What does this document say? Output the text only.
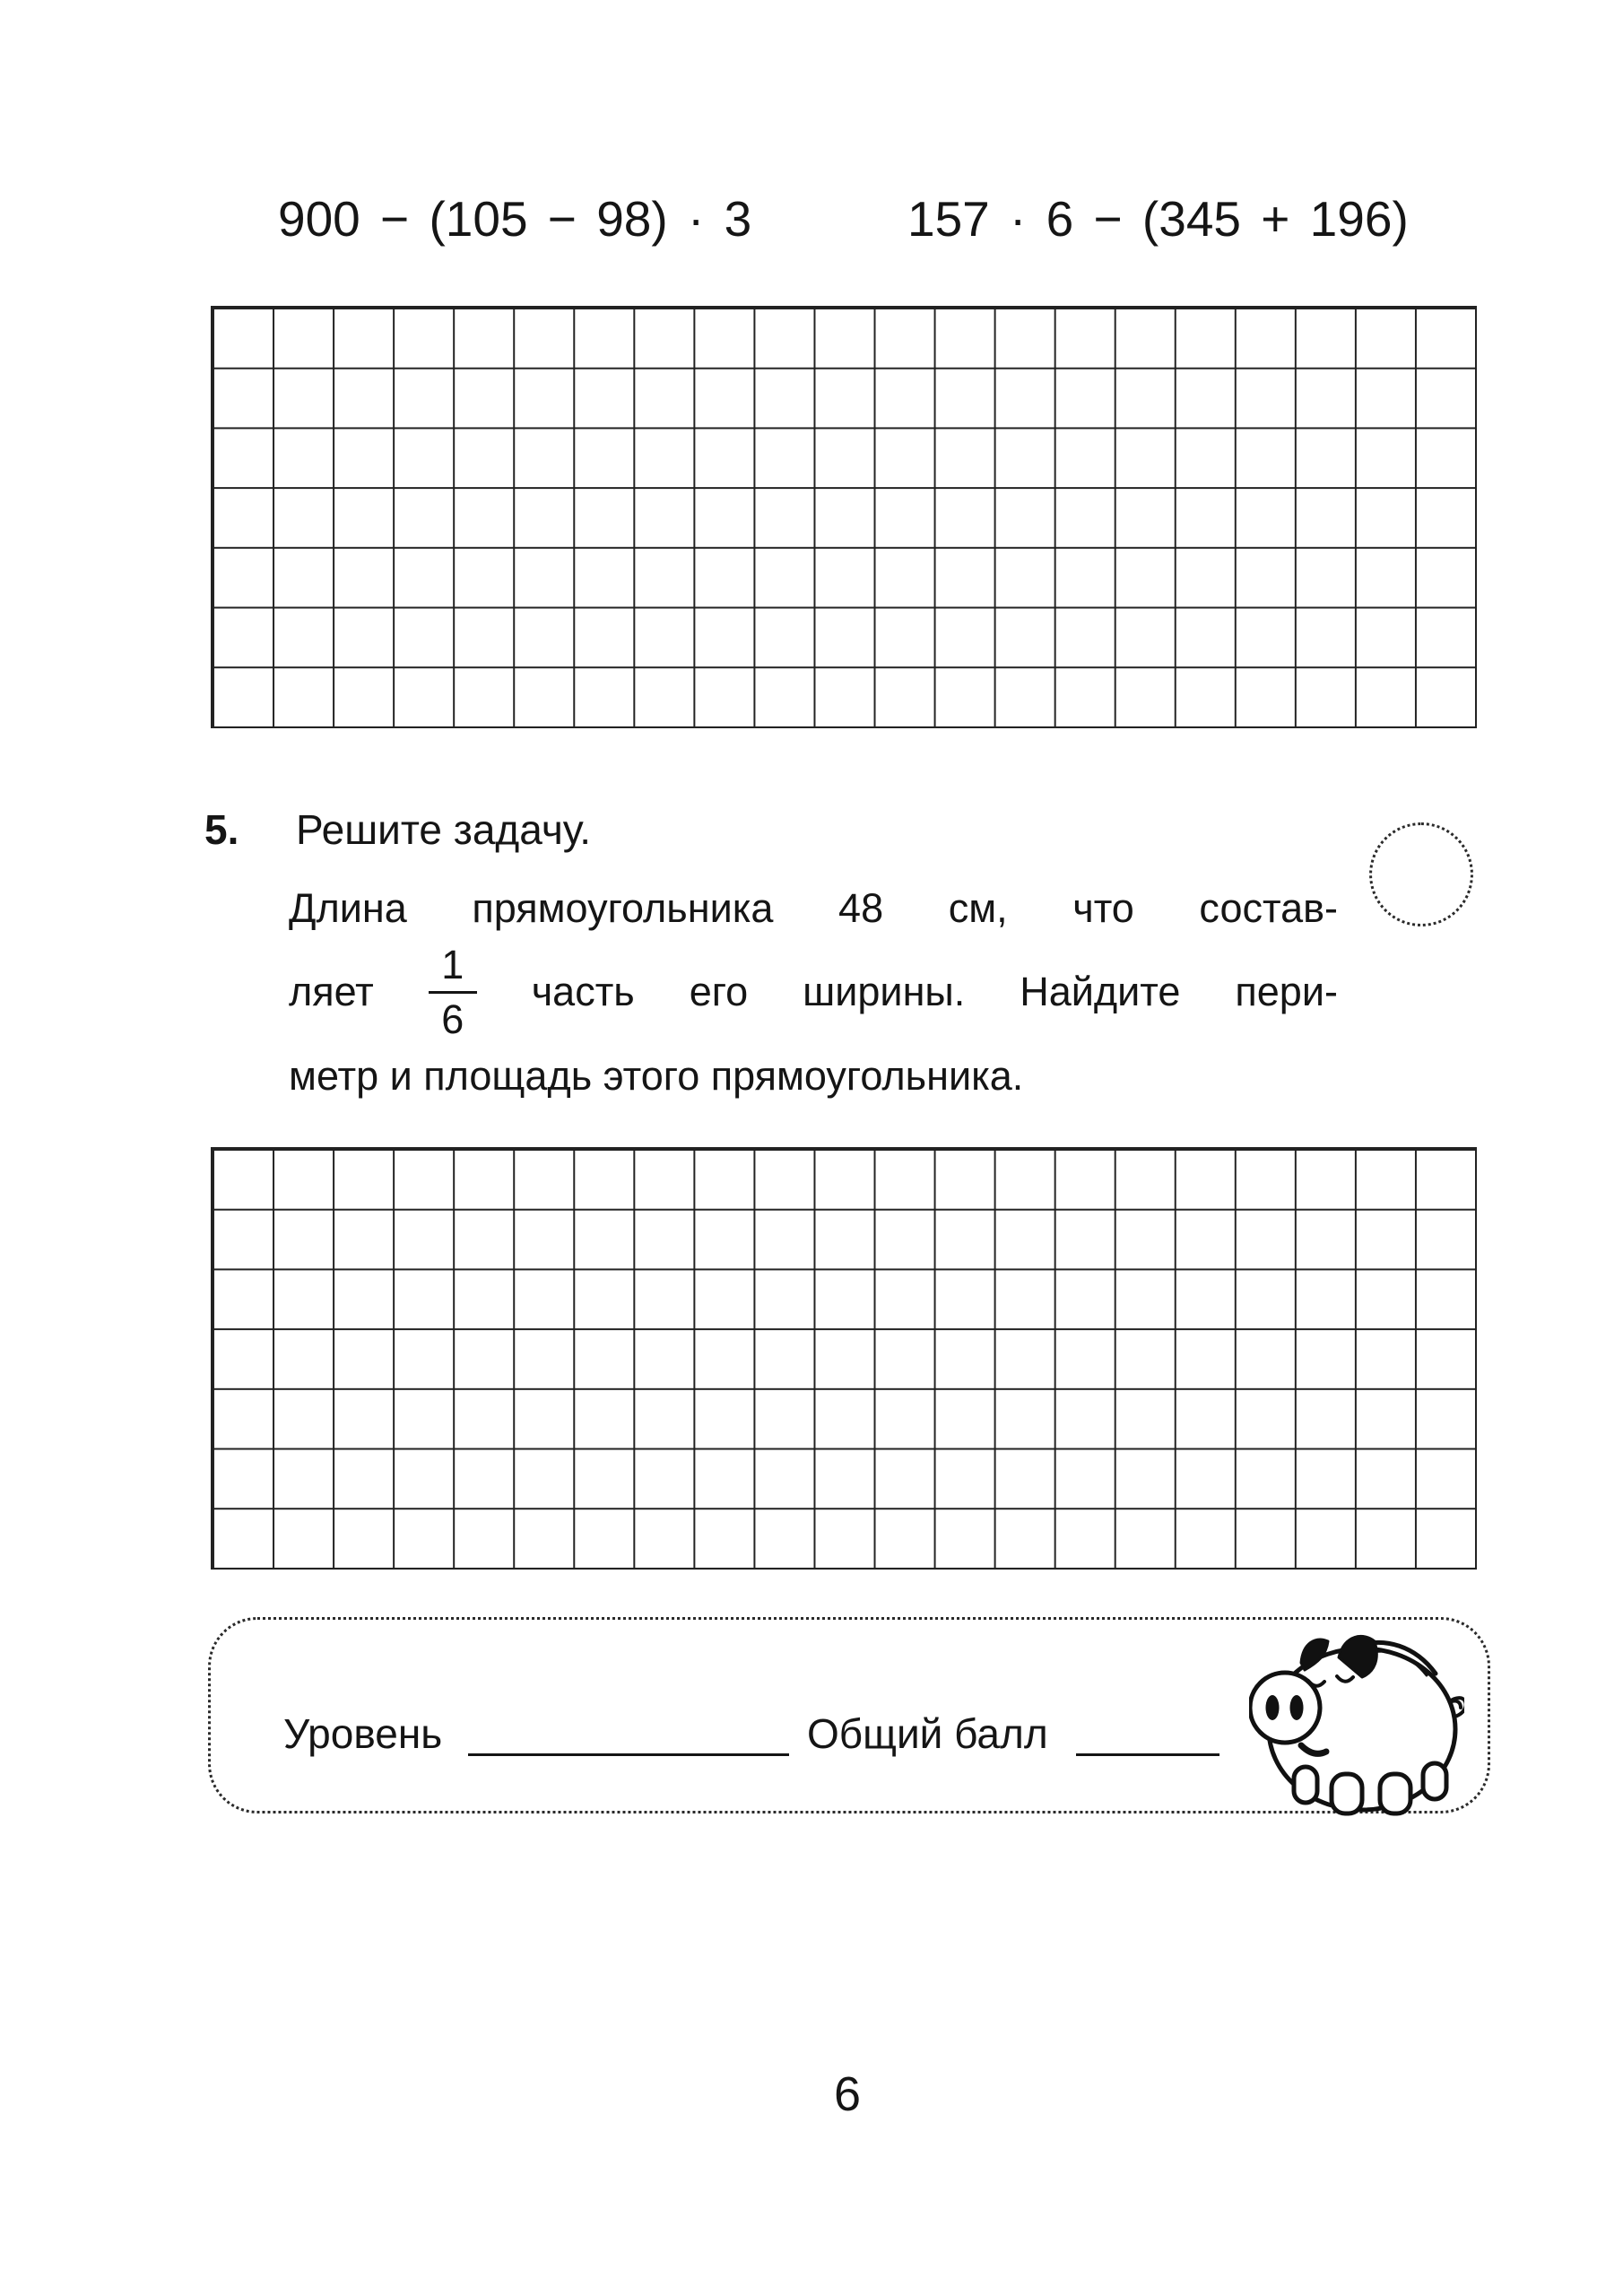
900 − (105 − 98) · 3	157 · 6 − (345 + 196)
5. Решите задачу.
Длина прямоугольника 48 см, что состав-
ляет $\frac{1}{6}$ часть его ширины. Найдите пери-
метр и площадь этого прямоугольника.
Уровень	Общий балл
6
